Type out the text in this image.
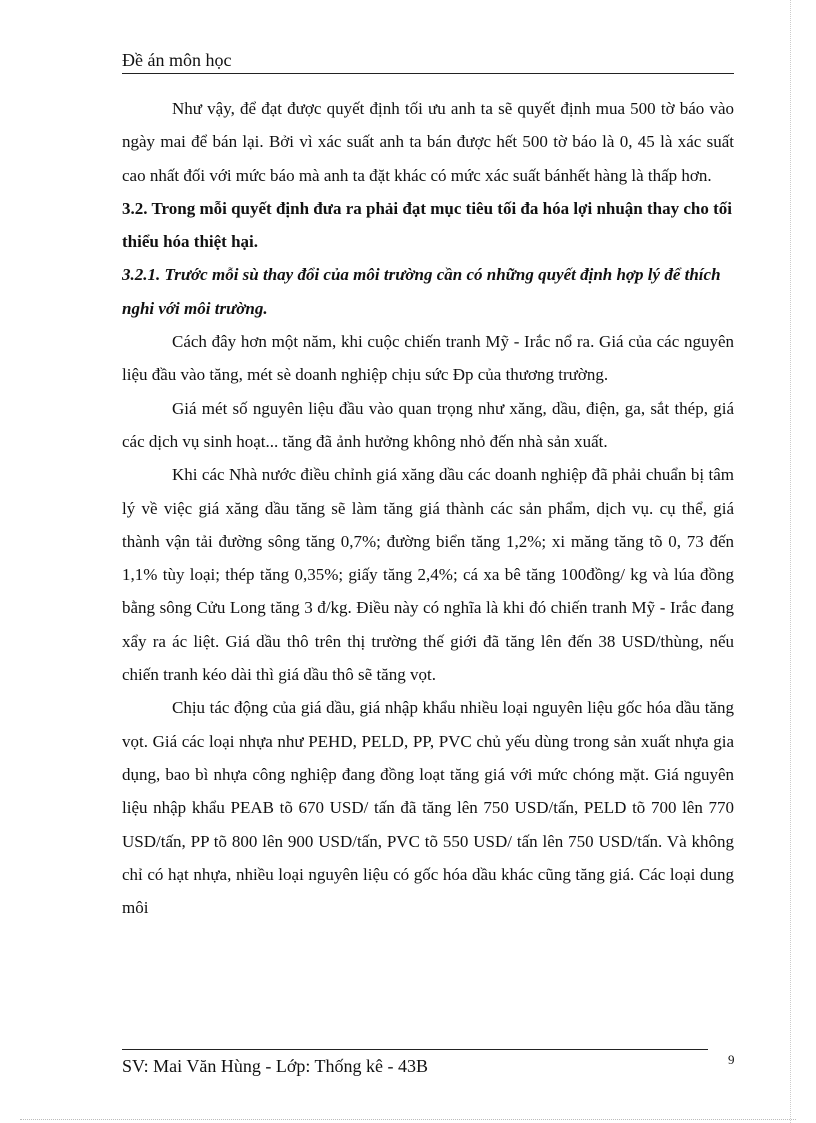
Đề án môn học

Như vậy, để đạt được quyết định tối ưu anh ta sẽ quyết định mua 500 tờ báo vào ngày mai để bán lại. Bởi vì xác suất anh ta bán được hết 500 tờ báo là 0, 45 là xác suất cao nhất đối với mức báo mà anh ta đặt khác có mức xác suất bánhết hàng là thấp hơn.

3.2. Trong mỗi quyết định đưa ra phải đạt mục tiêu tối đa hóa lợi nhuận thay cho tối thiểu hóa thiệt hại.

3.2.1. Trước mỗi sù thay đổi của môi trường cần có những quyết định hợp lý để thích nghi với môi trường.

Cách đây hơn một năm, khi cuộc chiến tranh Mỹ - Irắc nổ ra. Giá của các nguyên liệu đầu vào tăng, mét sè doanh nghiệp chịu sức Ðp của thương trường.

Giá mét số nguyên liệu đầu vào quan trọng như xăng, dầu, điện, ga, sắt thép, giá các dịch vụ sinh hoạt... tăng đã ảnh hưởng không nhỏ đến nhà sản xuất.

Khi các Nhà nước điều chỉnh giá xăng dầu các doanh nghiệp đã phải chuẩn bị tâm lý về việc giá xăng dầu tăng sẽ làm tăng giá thành các sản phẩm, dịch vụ. cụ thể, giá thành vận tải đường sông tăng 0,7%; đường biển tăng 1,2%; xi măng tăng tõ 0, 73 đến 1,1% tùy loại; thép tăng 0,35%; giấy tăng 2,4%; cá xa bê tăng 100đồng/ kg và lúa đồng bằng sông Cửu Long tăng 3 đ/kg. Điều này có nghĩa là khi đó chiến tranh Mỹ - Irắc đang xẩy ra ác liệt. Giá dầu thô trên thị trường thế giới đã tăng lên đến 38 USD/thùng, nếu chiến tranh kéo dài thì giá dầu thô sẽ tăng vọt.

Chịu tác động của giá dầu, giá nhập khẩu nhiều loại nguyên liệu gốc hóa dầu tăng vọt. Giá các loại nhựa như PEHD, PELD, PP, PVC chủ yếu dùng trong sản xuất nhựa gia dụng, bao bì nhựa công nghiệp đang đồng loạt tăng giá với mức chóng mặt. Giá nguyên liệu nhập khẩu PEAB tõ 670 USD/ tấn đã tăng lên 750 USD/tấn, PELD tõ 700 lên 770 USD/tấn, PP tõ 800 lên 900 USD/tấn, PVC tõ 550 USD/ tấn lên 750 USD/tấn. Và không chỉ có hạt nhựa, nhiều loại nguyên liệu có gốc hóa dầu khác cũng tăng giá. Các loại dung môi

SV: Mai Văn Hùng - Lớp: Thống kê - 43B	9
